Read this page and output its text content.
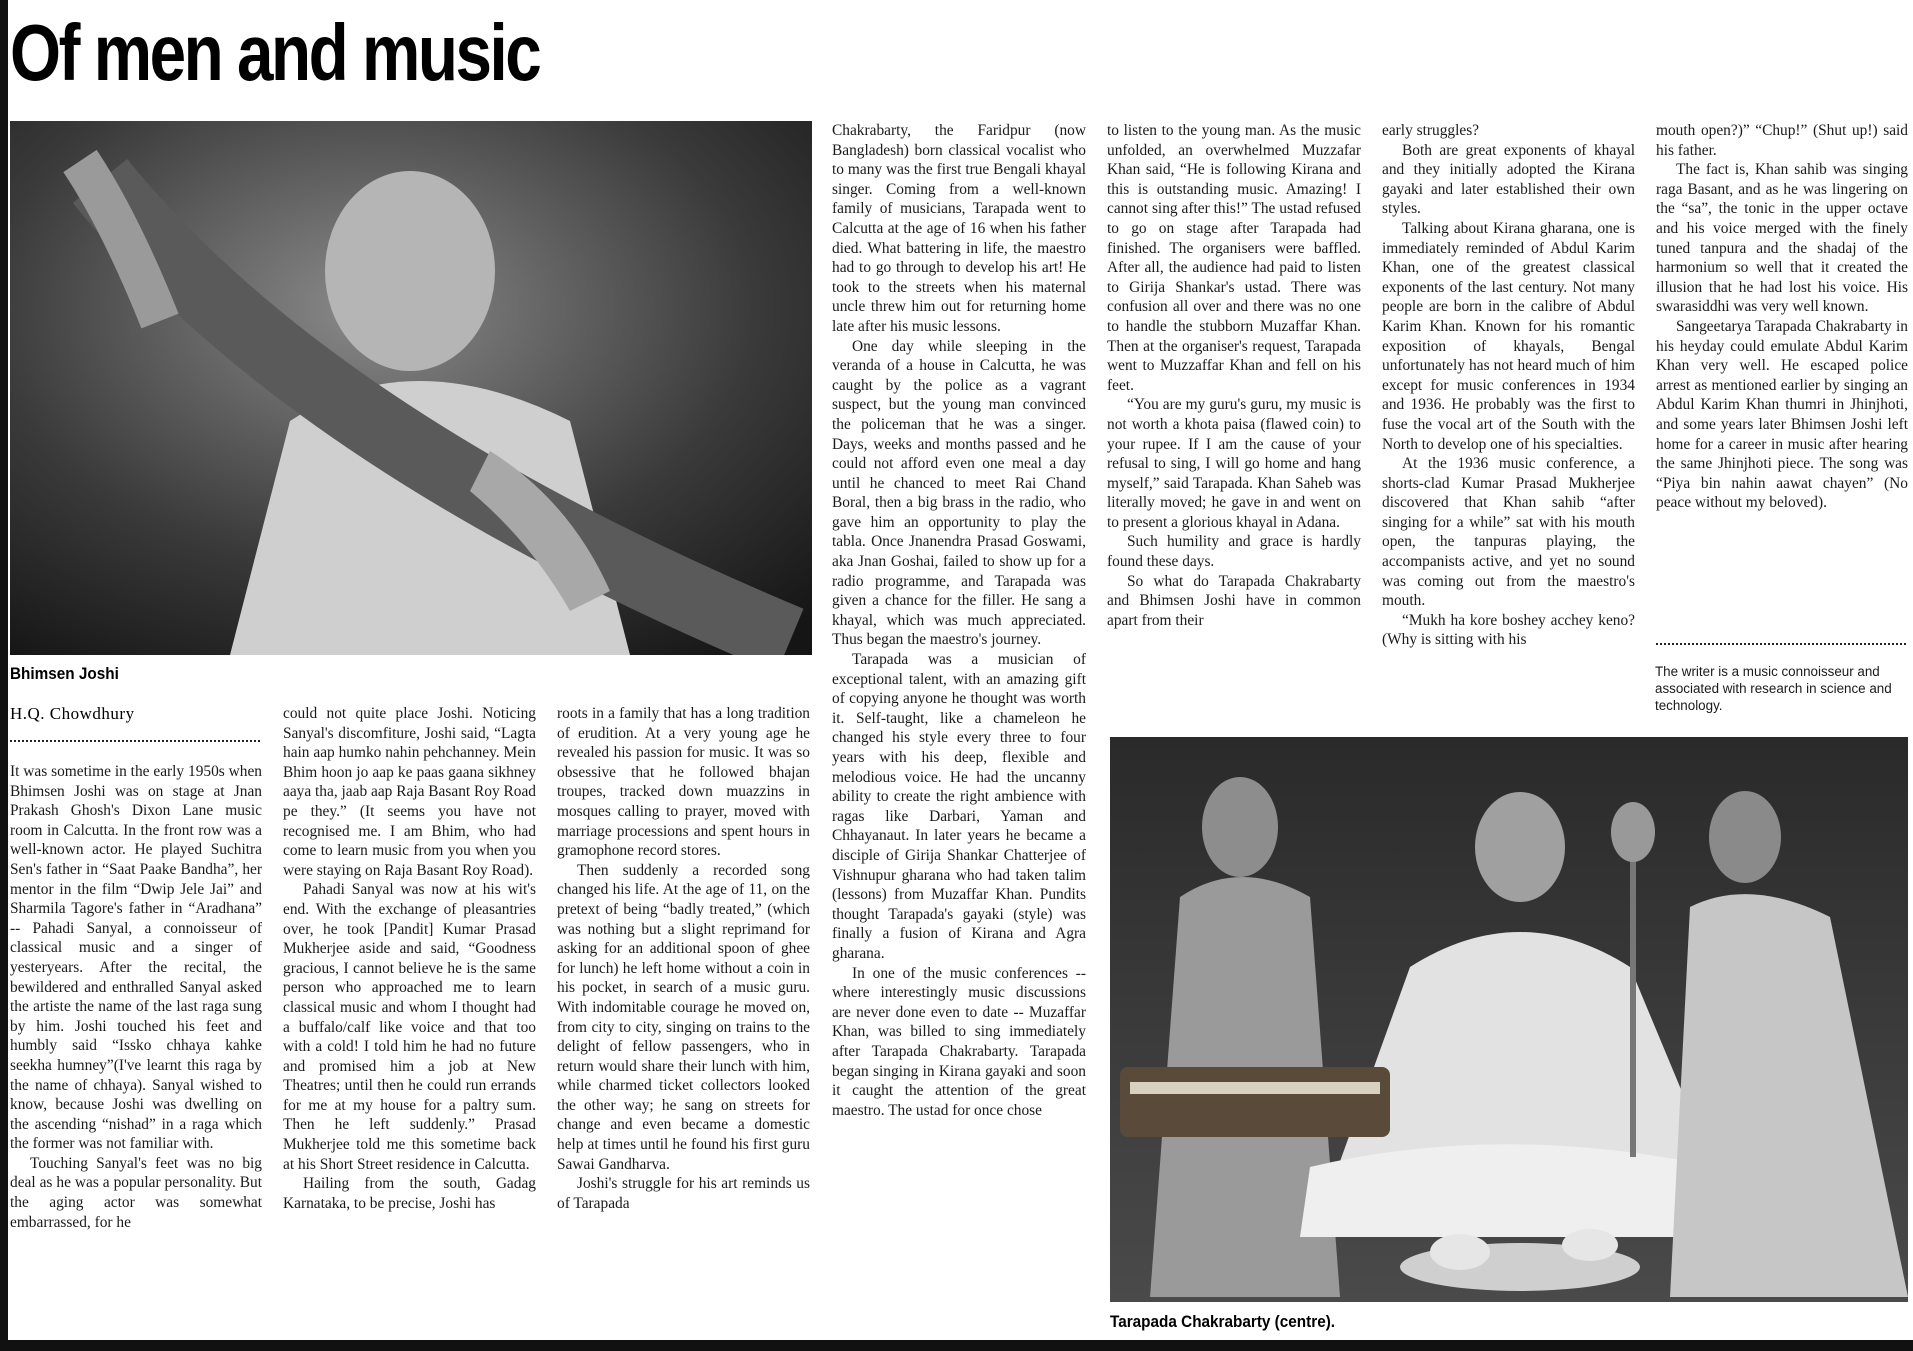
Of men and music
Bhimsen Joshi
H.Q. Chowdhury

It was sometime in the early 1950s when Bhimsen Joshi was on stage at Jnan Prakash Ghosh's Dixon Lane music room in Calcutta. In the front row was a well-known actor. He played Suchitra Sen's father in “Saat Paake Bandha”, her mentor in the film “Dwip Jele Jai” and Sharmila Tagore's father in “Aradhana” -- Pahadi Sanyal, a connoisseur of classical music and a singer of yesteryears. After the recital, the bewildered and enthralled Sanyal asked the artiste the name of the last raga sung by him. Joshi touched his feet and humbly said “Issko chhaya kahke seekha humney”(I've learnt this raga by the name of chhaya). Sanyal wished to know, because Joshi was dwelling on the ascending “nishad” in a raga which the former was not familiar with.

Touching Sanyal's feet was no big deal as he was a popular personality. But the aging actor was somewhat embarrassed, for he

could not quite place Joshi. Noticing Sanyal's discomfiture, Joshi said, “Lagta hain aap humko nahin pehchanney. Mein Bhim hoon jo aap ke paas gaana sikhney aaya tha, jaab aap Raja Basant Roy Road pe they.” (It seems you have not recognised me. I am Bhim, who had come to learn music from you when you were staying on Raja Basant Roy Road).

Pahadi Sanyal was now at his wit's end. With the exchange of pleasantries over, he took [Pandit] Kumar Prasad Mukherjee aside and said, “Goodness gracious, I cannot believe he is the same person who approached me to learn classical music and whom I thought had a buffalo/calf like voice and that too with a cold! I told him he had no future and promised him a job at New Theatres; until then he could run errands for me at my house for a paltry sum. Then he left suddenly.” Prasad Mukherjee told me this sometime back at his Short Street residence in Calcutta.

Hailing from the south, Gadag Karnataka, to be precise, Joshi has

roots in a family that has a long tradition of erudition. At a very young age he revealed his passion for music. It was so obsessive that he followed bhajan troupes, tracked down muazzins in mosques calling to prayer, moved with marriage processions and spent hours in gramophone record stores.

Then suddenly a recorded song changed his life. At the age of 11, on the pretext of being “badly treated,” (which was nothing but a slight reprimand for asking for an additional spoon of ghee for lunch) he left home without a coin in his pocket, in search of a music guru. With indomitable courage he moved on, from city to city, singing on trains to the delight of fellow passengers, who in return would share their lunch with him, while charmed ticket collectors looked the other way; he sang on streets for change and even became a domestic help at times until he found his first guru Sawai Gandharva.

Joshi's struggle for his art reminds us of Tarapada

Chakrabarty, the Faridpur (now Bangladesh) born classical vocalist who to many was the first true Bengali khayal singer. Coming from a well-known family of musicians, Tarapada went to Calcutta at the age of 16 when his father died. What battering in life, the maestro had to go through to develop his art! He took to the streets when his maternal uncle threw him out for returning home late after his music lessons.

One day while sleeping in the veranda of a house in Calcutta, he was caught by the police as a vagrant suspect, but the young man convinced the policeman that he was a singer. Days, weeks and months passed and he could not afford even one meal a day until he chanced to meet Rai Chand Boral, then a big brass in the radio, who gave him an opportunity to play the tabla. Once Jnanendra Prasad Goswami, aka Jnan Goshai, failed to show up for a radio programme, and Tarapada was given a chance for the filler. He sang a khayal, which was much appreciated. Thus began the maestro's journey.

Tarapada was a musician of exceptional talent, with an amazing gift of copying anyone he thought was worth it. Self-taught, like a chameleon he changed his style every three to four years with his deep, flexible and melodious voice. He had the uncanny ability to create the right ambience with ragas like Darbari, Yaman and Chhayanaut. In later years he became a disciple of Girija Shankar Chatterjee of Vishnupur gharana who had taken talim (lessons) from Muzaffar Khan. Pundits thought Tarapada's gayaki (style) was finally a fusion of Kirana and Agra gharana.

In one of the music conferences -- where interestingly music discussions are never done even to date -- Muzaffar Khan, was billed to sing immediately after Tarapada Chakrabarty. Tarapada began singing in Kirana gayaki and soon it caught the attention of the great maestro. The ustad for once chose

to listen to the young man. As the music unfolded, an overwhelmed Muzzafar Khan said, “He is following Kirana and this is outstanding music. Amazing! I cannot sing after this!” The ustad refused to go on stage after Tarapada had finished. The organisers were baffled. After all, the audience had paid to listen to Girija Shankar's ustad. There was confusion all over and there was no one to handle the stubborn Muzaffar Khan. Then at the organiser's request, Tarapada went to Muzzaffar Khan and fell on his feet.

“You are my guru's guru, my music is not worth a khota paisa (flawed coin) to your rupee. If I am the cause of your refusal to sing, I will go home and hang myself,” said Tarapada. Khan Saheb was literally moved; he gave in and went on to present a glorious khayal in Adana.

Such humility and grace is hardly found these days.

So what do Tarapada Chakrabarty and Bhimsen Joshi have in common apart from their

early struggles?

Both are great exponents of khayal and they initially adopted the Kirana gayaki and later established their own styles.

Talking about Kirana gharana, one is immediately reminded of Abdul Karim Khan, one of the greatest classical exponents of the last century. Not many people are born in the calibre of Abdul Karim Khan. Known for his romantic exposition of khayals, Bengal unfortunately has not heard much of him except for music conferences in 1934 and 1936. He probably was the first to fuse the vocal art of the South with the North to develop one of his specialties.

At the 1936 music conference, a shorts-clad Kumar Prasad Mukherjee discovered that Khan sahib “after singing for a while” sat with his mouth open, the tanpuras playing, the accompanists active, and yet no sound was coming out from the maestro's mouth.

“Mukh ha kore boshey acchey keno? (Why is sitting with his

mouth open?)” “Chup!” (Shut up!) said his father.

The fact is, Khan sahib was singing raga Basant, and as he was lingering on the “sa”, the tonic in the upper octave and his voice merged with the finely tuned tanpura and the shadaj of the harmonium so well that it created the illusion that he had lost his voice. His swarasiddhi was very well known.

Sangeetarya Tarapada Chakrabarty in his heyday could emulate Abdul Karim Khan very well. He escaped police arrest as mentioned earlier by singing an Abdul Karim Khan thumri in Jhinjhoti, and some years later Bhimsen Joshi left home for a career in music after hearing the same Jhinjhoti piece. The song was “Piya bin nahin aawat chayen” (No peace without my beloved).

The writer is a music connoisseur and associated with research in science and technology.
Tarapada Chakrabarty (centre).
